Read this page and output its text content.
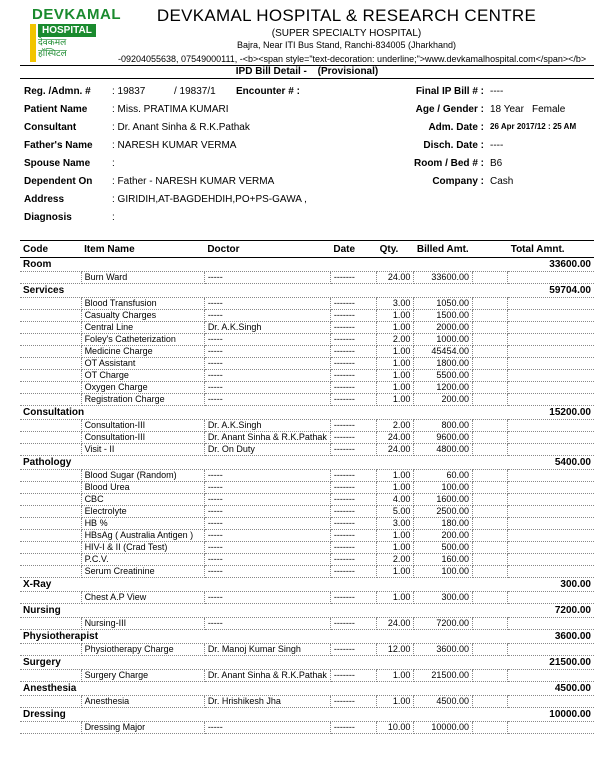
DEVKAMAL
HOSPITAL
देवकमल
हॉस्पिटल
DEVKAMAL HOSPITAL & RESEARCH CENTRE
(SUPER SPECIALTY HOSPITAL)
Bajra, Near ITI Bus Stand, Ranchi-834005 (Jharkhand)
-09204055638, 07549000111, -<b><span style="text-decoration: underline;">www.devkamalhospital.com</span></b>
IPD Bill Detail - (Provisional)
Reg. /Admn. # : 19837	/ 19837/1 Encounter # :	Final IP Bill # : ----
Patient Name : Miss. PRATIMA KUMARI	Age / Gender : 18 Year Female
Consultant	: Dr. Anant Sinha & R.K.Pathak	Adm. Date : 26 Apr 2017/12 : 25 AM
Father's Name : NARESH KUMAR VERMA	Disch. Date : ----
Spouse Name :	Room / Bed # : B6
Dependent On : Father - NARESH KUMAR VERMA	Company : Cash
Address	: GIRIDIH,AT-BAGDEHDIH,PO+PS-GAWA ,
Diagnosis	:
Code	Item Name	Doctor	Date	Qty.	Billed Amt.		Total Amnt.
Room							33600.00
	Burn Ward	-----	-------	24.00	33600.00		
Services							59704.00
	Blood Transfusion	-----	-------	3.00	1050.00		
	Casualty Charges	-----	-------	1.00	1500.00		
	Central Line	Dr. A.K.Singh	-------	1.00	2000.00		
	Foley's Catheterization	-----	-------	2.00	1000.00		
	Medicine Charge	-----	-------	1.00	45454.00		
	OT Assistant	-----	-------	1.00	1800.00		
	OT Charge	-----	-------	1.00	5500.00		
	Oxygen Charge	-----	-------	1.00	1200.00		
	Registration Charge	-----	-------	1.00	200.00		
Consultation							15200.00
	Consultation-III	Dr. A.K.Singh	-------	2.00	800.00		
	Consultation-III	Dr. Anant Sinha & R.K.Pathak	-------	24.00	9600.00		
	Visit - II	Dr. On Duty	-------	24.00	4800.00		
Pathology							5400.00
	Blood Sugar (Random)	-----	-------	1.00	60.00		
	Blood Urea	-----	-------	1.00	100.00		
	CBC	-----	-------	4.00	1600.00		
	Electrolyte	-----	-------	5.00	2500.00		
	HB %	-----	-------	3.00	180.00		
	HBsAg ( Australia Antigen )	-----	-------	1.00	200.00		
	HIV-I & II (Crad Test)	-----	-------	1.00	500.00		
	P.C.V.	-----	-------	2.00	160.00		
	Serum Creatinine	-----	-------	1.00	100.00		
X-Ray							300.00
	Chest A.P View	-----	-------	1.00	300.00		
Nursing							7200.00
	Nursing-III	-----	-------	24.00	7200.00		
Physiotherapist							3600.00
	Physiotherapy Charge	Dr. Manoj Kumar Singh	-------	12.00	3600.00		
Surgery							21500.00
	Surgery Charge	Dr. Anant Sinha & R.K.Pathak	-------	1.00	21500.00		
Anesthesia							4500.00
	Anesthesia	Dr. Hrishikesh Jha	-------	1.00	4500.00		
Dressing							10000.00
	Dressing Major	-----	-------	10.00	10000.00		
